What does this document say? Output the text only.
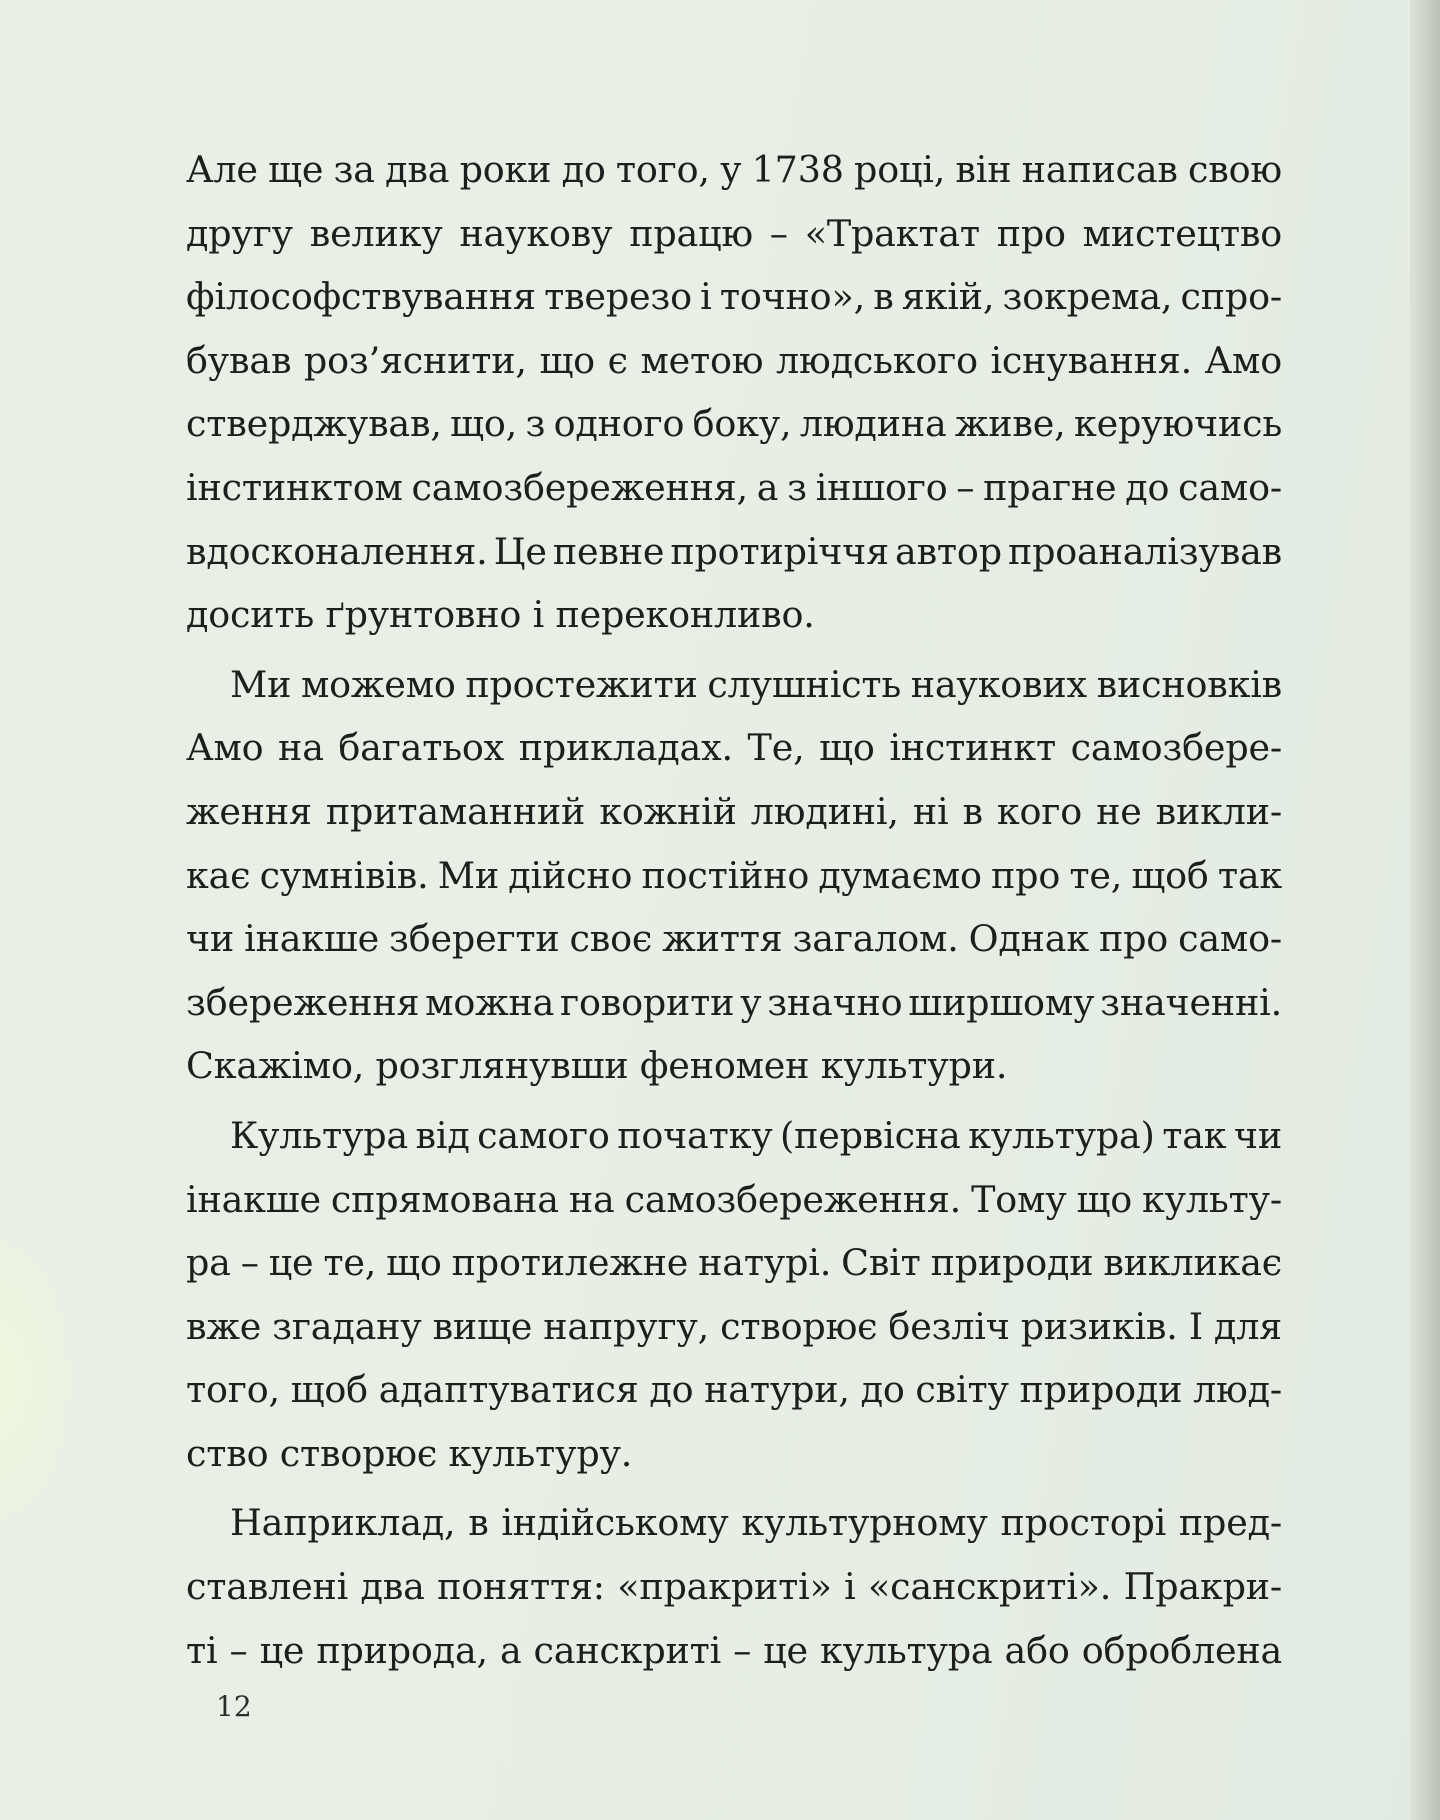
Але ще за два роки до того, у 1738 році, він написав свою
другу велику наукову працю – «Трактат про мистецтво
філософствування тверезо і точно», в якій, зокрема, спро-
бував роз’яснити, що є метою людського існування. Амо
стверджував, що, з одного боку, людина живе, керуючись
інстинктом самозбереження, а з іншого – прагне до само-
вдосконалення. Це певне протиріччя автор проаналізував
досить ґрунтовно і переконливо.

Ми можемо простежити слушність наукових висновків
Амо на багатьох прикладах. Те, що інстинкт самозбере-
ження притаманний кожній людині, ні в кого не викли-
кає сумнівів. Ми дійсно постійно думаємо про те, щоб так
чи інакше зберегти своє життя загалом. Однак про само-
збереження можна говорити у значно ширшому значенні.
Скажімо, розглянувши феномен культури.

Культура від самого початку (первісна культура) так чи
інакше спрямована на самозбереження. Тому що культу-
ра – це те, що протилежне натурі. Світ природи викликає
вже згадану вище напругу, створює безліч ризиків. І для
того, щоб адаптуватися до натури, до світу природи люд-
ство створює культуру.

Наприклад, в індійському культурному просторі пред-
ставлені два поняття: «пракриті» і «санскриті». Пракри-
ті – це природа, а санскриті – це культура або оброблена

12
